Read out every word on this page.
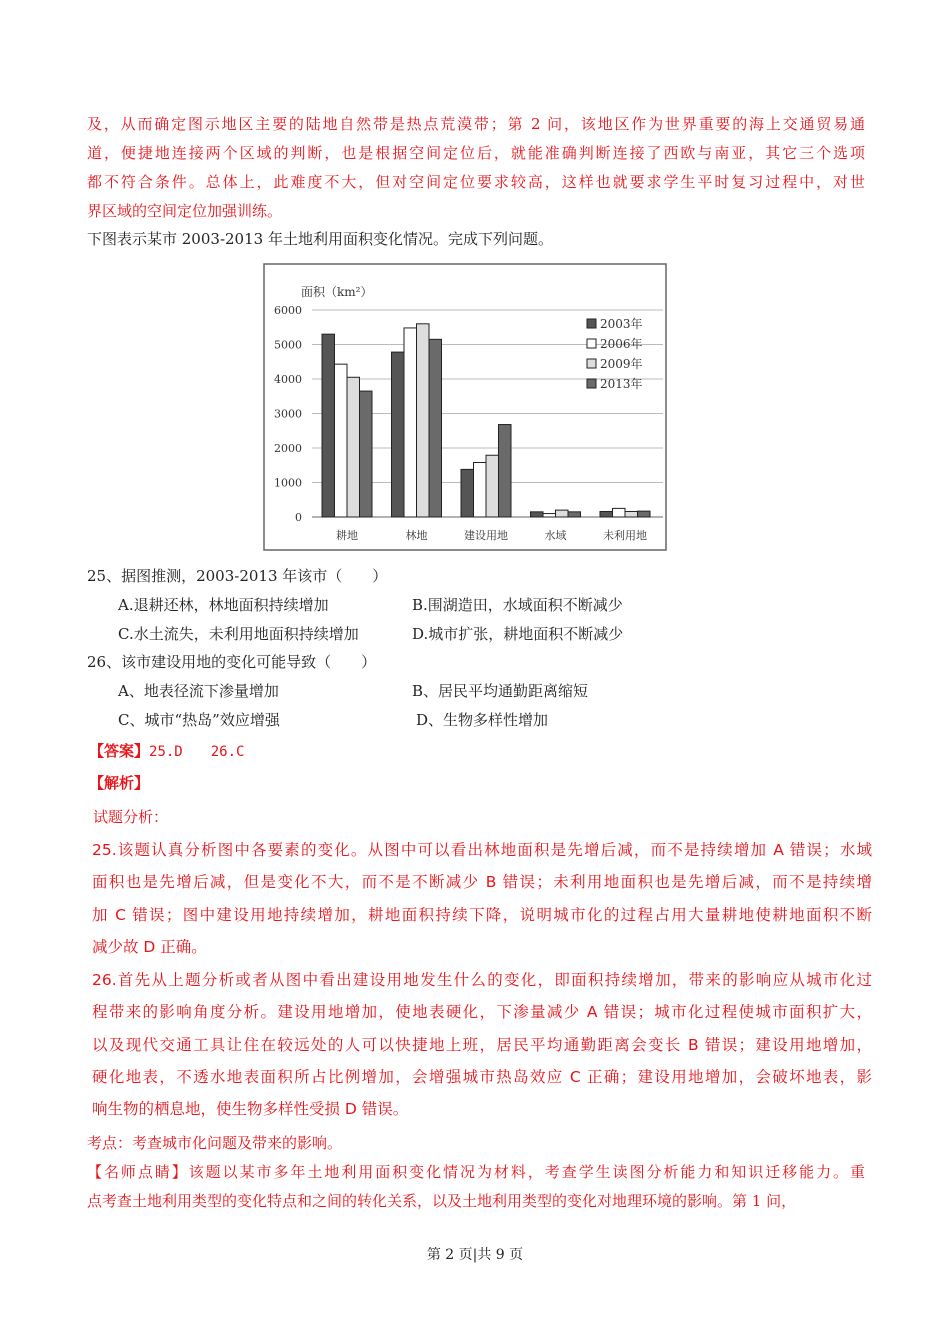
及，从而确定图示地区主要的陆地自然带是热点荒漠带；第 2 问，该地区作为世界重要的海上交通贸易通
道，便捷地连接两个区域的判断，也是根据空间定位后，就能准确判断连接了西欧与南亚，其它三个选项
都不符合条件。总体上，此难度不大，但对空间定位要求较高，这样也就要求学生平时复习过程中，对世
界区域的空间定位加强训练。
下图表示某市 2003-2013 年土地利用面积变化情况。完成下列问题。
0
1000
2000
3000
4000
5000
6000
面积（km²）
耕地	林地	建设用地	水域	未利用地
2003年
2006年
2009年
2013年
25、据图推测，2003-2013 年该市（　　）
A.退耕还林，林地面积持续增加	B.围湖造田，水域面积不断减少
C.水土流失，未利用地面积持续增加	D.城市扩张，耕地面积不断减少
26、该市建设用地的变化可能导致（　　）
A、地表径流下渗量增加	B、居民平均通勤距离缩短
C、城市“热岛”效应增强	D、生物多样性增加
【答案】25.D　　26.C
【解析】
试题分析：
25.该题认真分析图中各要素的变化。从图中可以看出林地面积是先增后减，而不是持续增加 A 错误；水域
面积也是先增后减，但是变化不大，而不是不断减少 B 错误；未利用地面积也是先增后减，而不是持续增
加 C 错误；图中建设用地持续增加，耕地面积持续下降，说明城市化的过程占用大量耕地使耕地面积不断
减少故 D 正确。
26.首先从上题分析或者从图中看出建设用地发生什么的变化，即面积持续增加，带来的影响应从城市化过
程带来的影响角度分析。建设用地增加，使地表硬化，下渗量减少 A 错误；城市化过程使城市面积扩大，
以及现代交通工具让住在较远处的人可以快捷地上班，居民平均通勤距离会变长 B 错误；建设用地增加，
硬化地表，不透水地表面积所占比例增加，会增强城市热岛效应 C 正确；建设用地增加，会破坏地表，影
响生物的栖息地，使生物多样性受损 D 错误。
考点：考查城市化问题及带来的影响。
【名师点睛】该题以某市多年土地利用面积变化情况为材料，考查学生读图分析能力和知识迁移能力。重
点考查土地利用类型的变化特点和之间的转化关系，以及土地利用类型的变化对地理环境的影响。第 1 问，
第 2 页|共 9 页
